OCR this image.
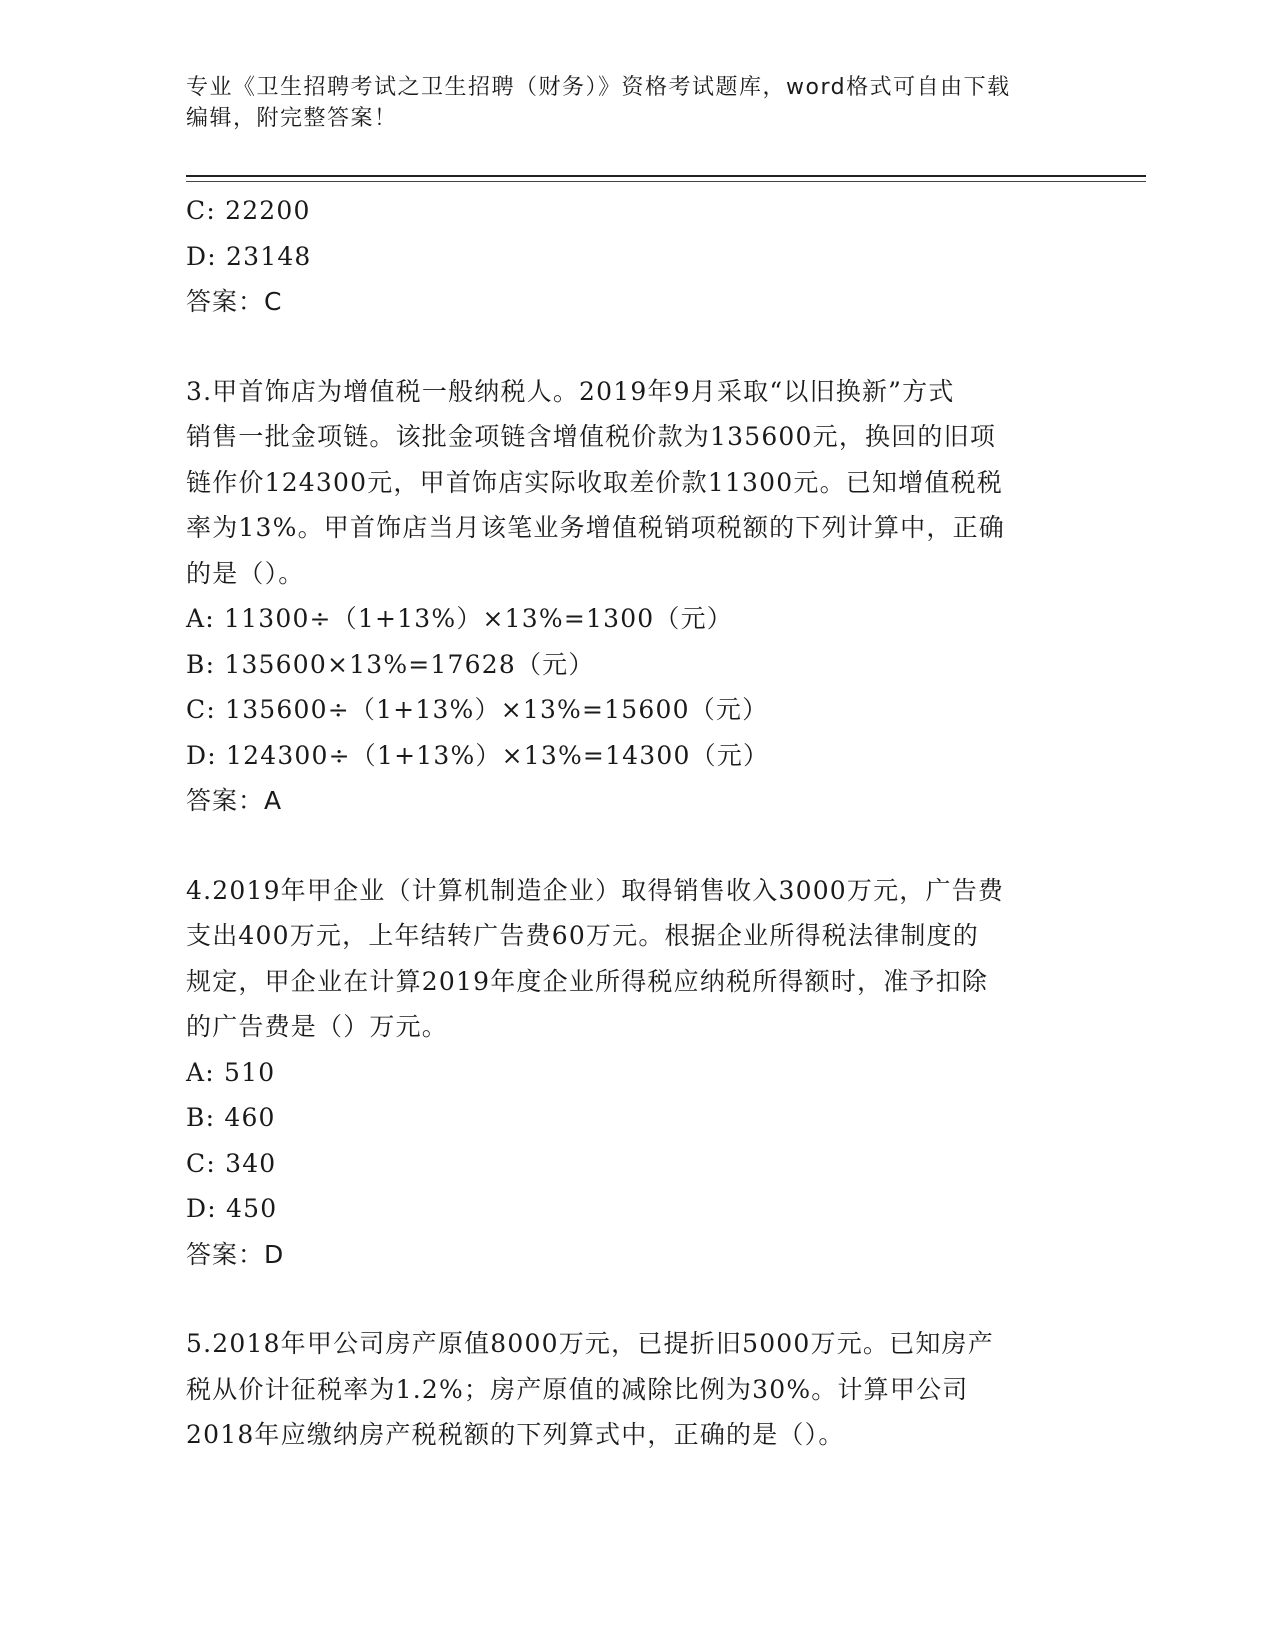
专业《卫生招聘考试之卫生招聘（财务）》资格考试题库，word格式可自由下载
编辑，附完整答案！

C: 22200

D: 23148

答案：C

3.甲首饰店为增值税一般纳税人。2019年9月采取“以旧换新”方式

销售一批金项链。该批金项链含增值税价款为135600元，换回的旧项

链作价124300元，甲首饰店实际收取差价款11300元。已知增值税税

率为13%。甲首饰店当月该笔业务增值税销项税额的下列计算中，正确

的是（）。

A: 11300÷（1+13%）×13%=1300（元）

B: 135600×13%=17628（元）

C: 135600÷（1+13%）×13%=15600（元）

D: 124300÷（1+13%）×13%=14300（元）

答案：A

4.2019年甲企业（计算机制造企业）取得销售收入3000万元，广告费

支出400万元，上年结转广告费60万元。根据企业所得税法律制度的

规定，甲企业在计算2019年度企业所得税应纳税所得额时，准予扣除

的广告费是（）万元。

A: 510

B: 460

C: 340

D: 450

答案：D

5.2018年甲公司房产原值8000万元，已提折旧5000万元。已知房产

税从价计征税率为1.2%；房产原值的减除比例为30%。计算甲公司

2018年应缴纳房产税税额的下列算式中，正确的是（）。
